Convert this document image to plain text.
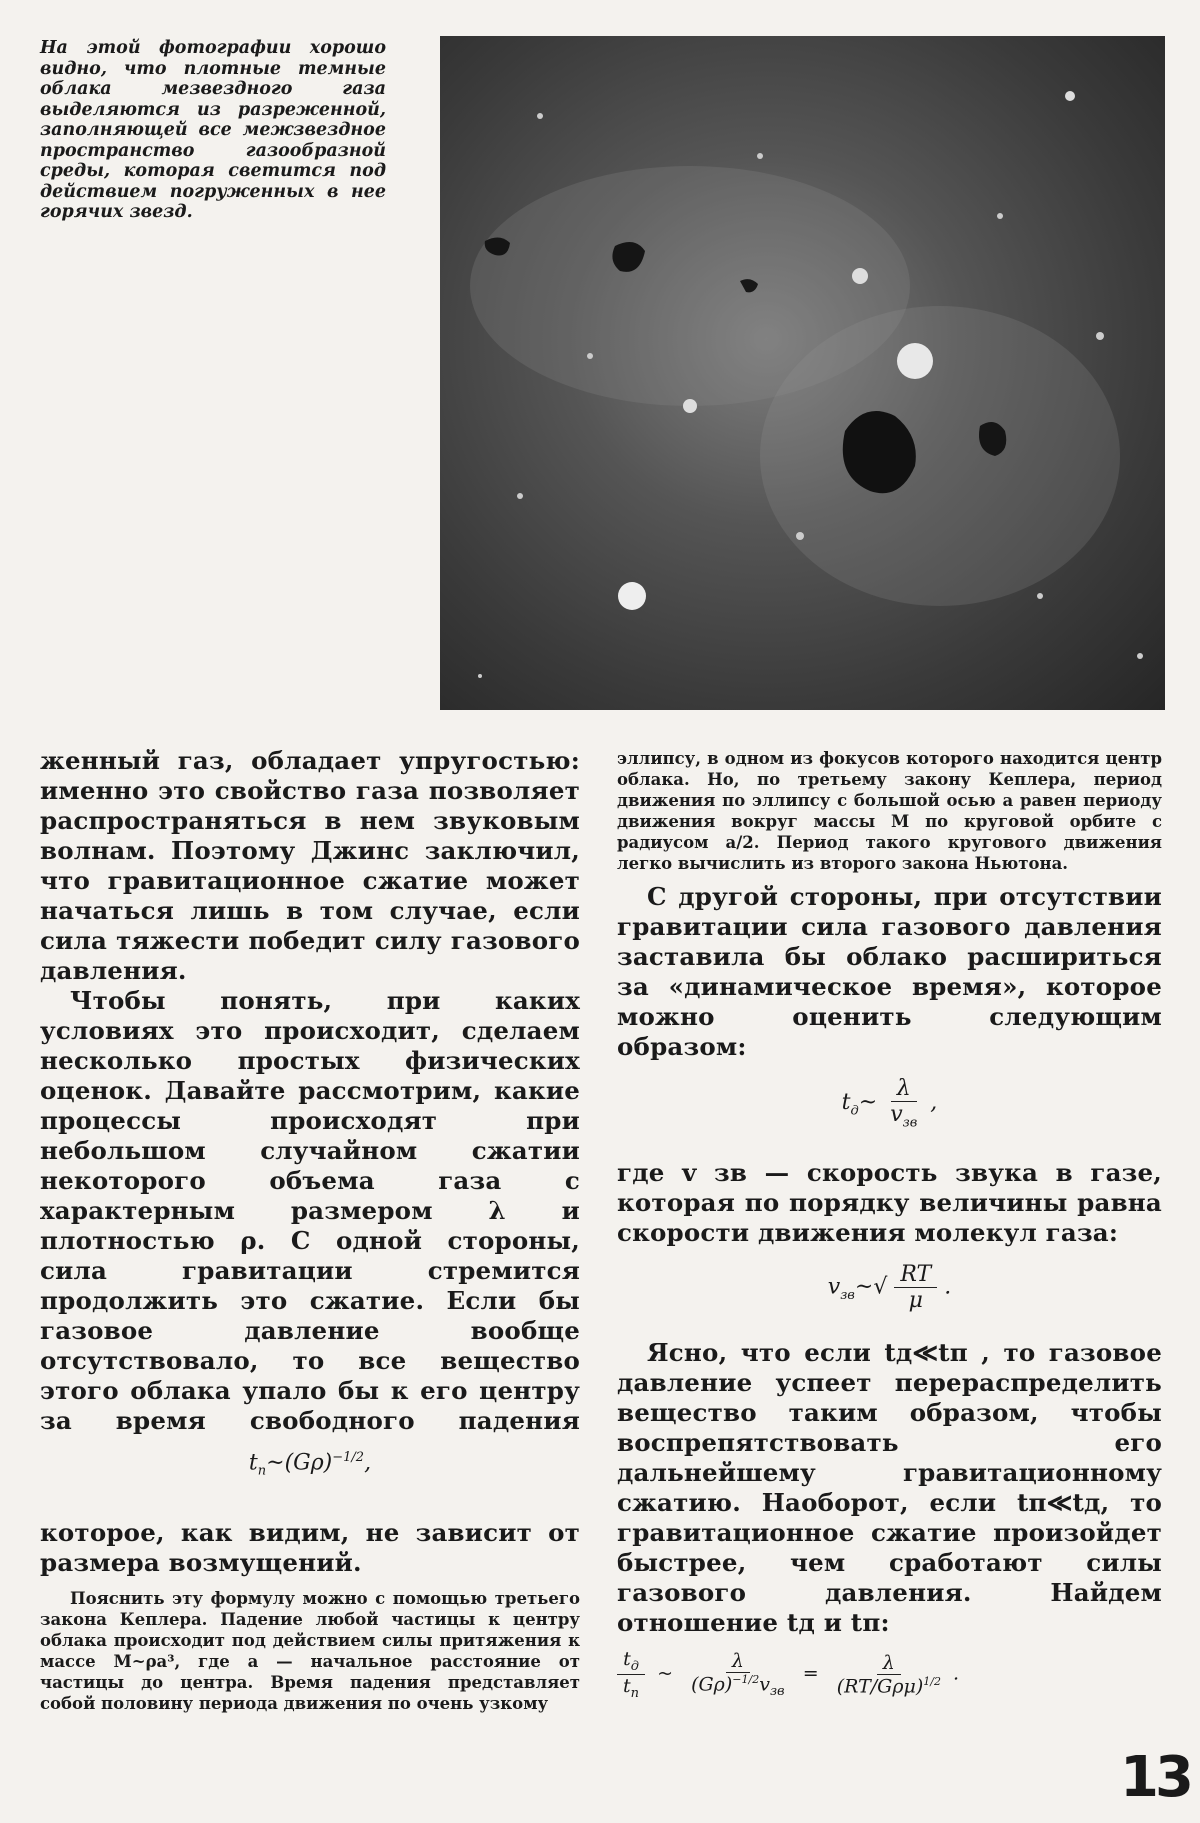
На этой фотографии хорошо видно, что плотные темные облака мезвездного газа выделяются из разреженной, заполняющей все межзвездное пространство газообразной среды, которая светится под действием погруженных в нее горячих звезд.

женный газ, обладает упругостью: именно это свойство газа позволяет распространяться в нем звуковым волнам. Поэтому Джинс заключил, что гравитационное сжатие может начаться лишь в том случае, если сила тяжести победит силу газового давления.

Чтобы понять, при каких условиях это происходит, сделаем несколько простых физических оценок. Давайте рассмотрим, какие процессы происходят при небольшом случайном сжатии некоторого объема газа с характерным размером λ и плотностью ρ. С одной стороны, сила гравитации стремится продолжить это сжатие. Если бы газовое давление вообще отсутствовало, то все вещество этого облака упало бы к его центру за время свободного падения

$t_п\sim(G\rho)^{-1/2}$,

которое, как видим, не зависит от размера возмущений.

Пояснить эту формулу можно с помощью третьего закона Кеплера. Падение любой частицы к центру облака происходит под действием силы притяжения к массе M~ρa³, где a — начальное расстояние от частицы до центра. Время падения представляет собой половину периода движения по очень узкому

эллипсу, в одном из фокусов которого находится центр облака. Но, по третьему закону Кеплера, период движения по эллипсу с большой осью a равен периоду движения вокруг массы M по круговой орбите с радиусом a/2. Период такого кругового движения легко вычислить из второго закона Ньютона.

С другой стороны, при отсутствии гравитации сила газового давления заставила бы облако расшириться за «динамическое время», которое можно оценить следующим образом:

$t_д\sim \frac{\lambda}{v_{зв}}$ ,

где v зв — скорость звука в газе, которая по порядку величины равна скорости движения молекул газа:

$v_{зв}\sim√ \frac{RT}{\mu}$ .

Ясно, что если tд≪tп , то газовое давление успеет перераспределить вещество таким образом, чтобы воспрепятствовать его дальнейшему гравитационному сжатию. Наоборот, если tп≪tд, то гравитационное сжатие произойдет быстрее, чем сработают силы газового давления. Найдем отношение tд и tп:

$\frac{t_д}{t_п}$ ~ $\frac{\lambda}{(G\rho)^{-1/2}v_{зв}} = \frac{\lambda}{(RT/G\rho\mu)^{1/2}}$ .

13
